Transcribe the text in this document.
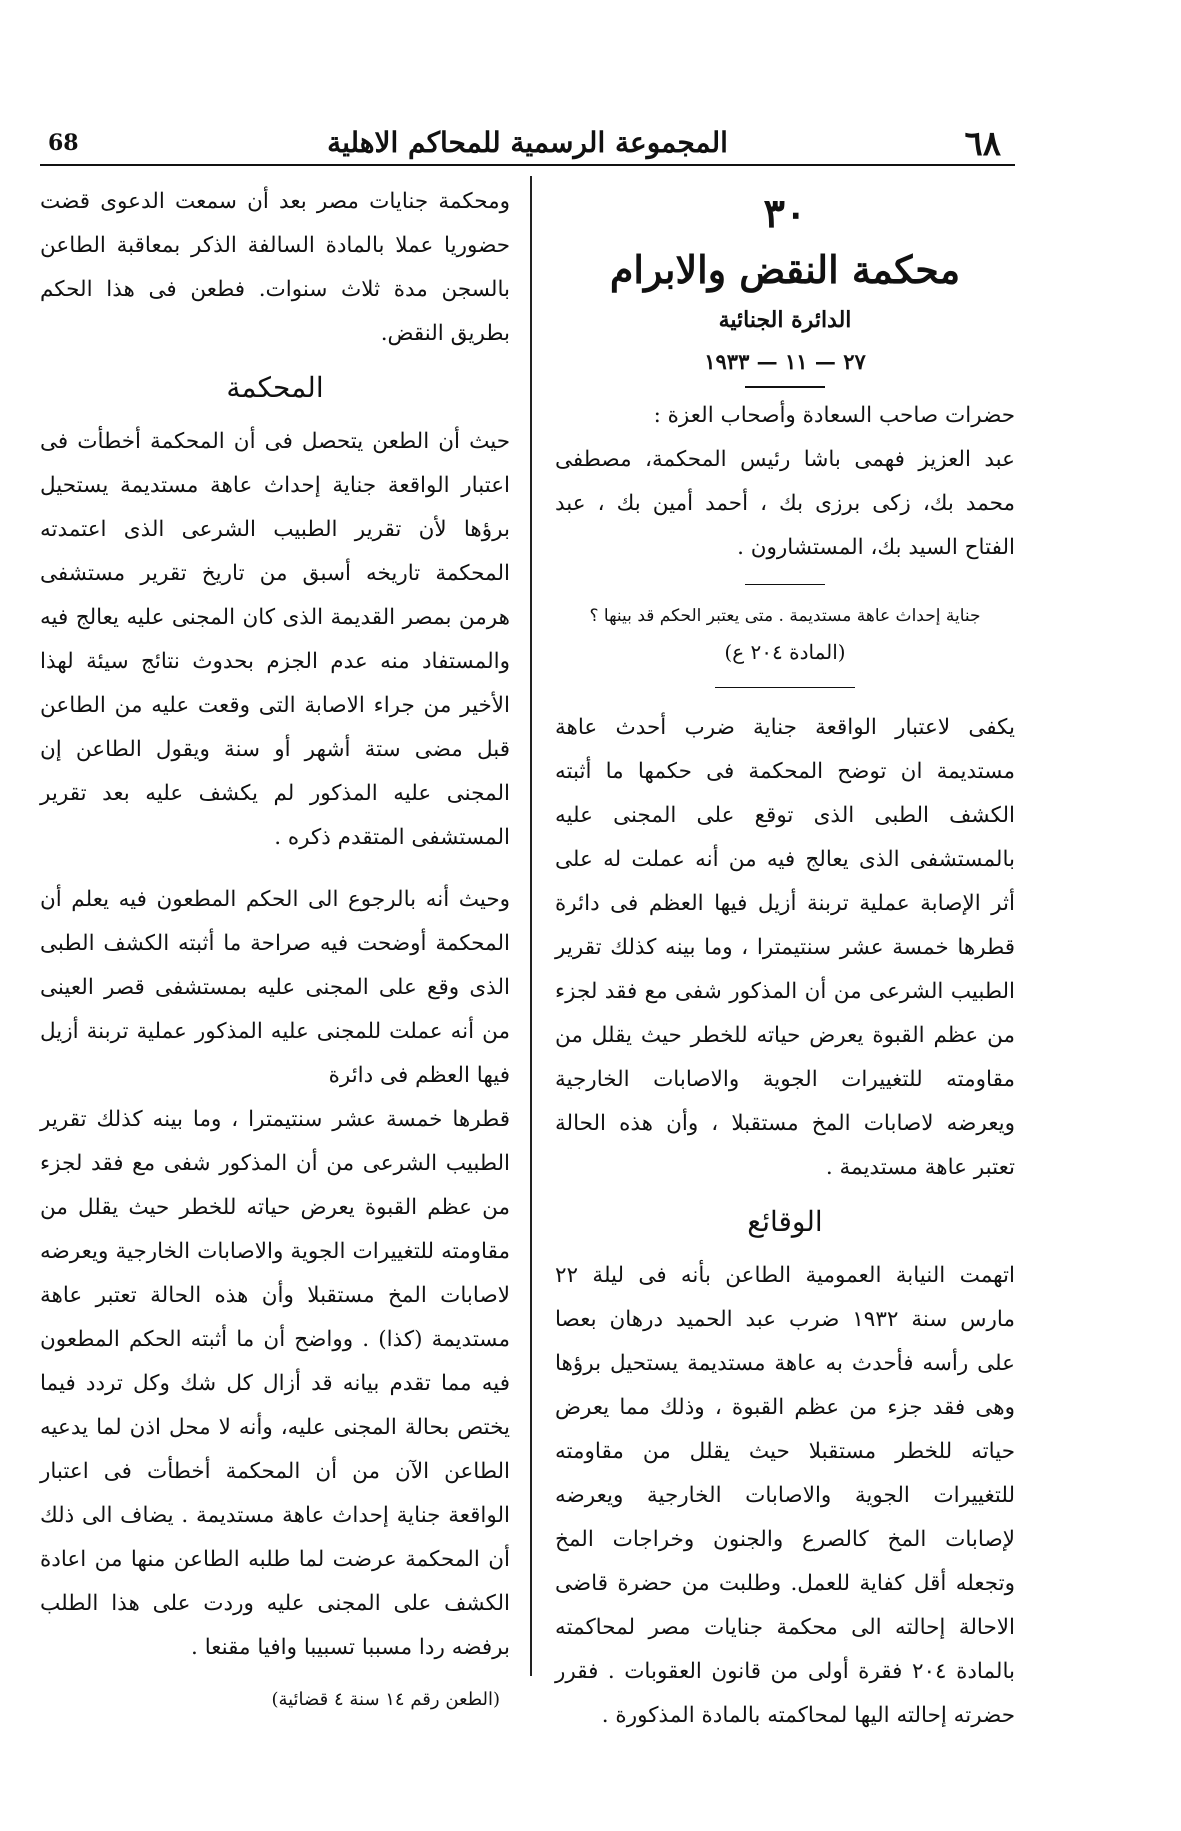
٦٨
المجموعة الرسمية للمحاكم الاهلية
68
٣٠
محكمة النقض والابرام
الدائرة الجنائية
٢٧ — ١١ — ١٩٣٣

حضرات صاحب السعادة وأصحاب العزة :

عبد العزيز فهمى باشا رئيس المحكمة، مصطفى محمد بك، زكى برزى بك ، أحمد أمين بك ، عبد الفتاح السيد بك، المستشارون .

جناية إحداث عاهة مستديمة . متى يعتبر الحكم قد بينها ؟
(المادة ٢٠٤ ع)

يكفى لاعتبار الواقعة جناية ضرب أحدث عاهة مستديمة ان توضح المحكمة فى حكمها ما أثبته الكشف الطبى الذى توقع على المجنى عليه بالمستشفى الذى يعالج فيه من أنه عملت له على أثر الإصابة عملية تربنة أزيل فيها العظم فى دائرة قطرها خمسة عشر سنتيمترا ، وما بينه كذلك تقرير الطبيب الشرعى من أن المذكور شفى مع فقد لجزء من عظم القبوة يعرض حياته للخطر حيث يقلل من مقاومته للتغييرات الجوية والاصابات الخارجية ويعرضه لاصابات المخ مستقبلا ، وأن هذه الحالة تعتبر عاهة مستديمة .

الوقائع

اتهمت النيابة العمومية الطاعن بأنه فى ليلة ٢٢ مارس سنة ١٩٣٢ ضرب عبد الحميد درهان بعصا على رأسه فأحدث به عاهة مستديمة يستحيل برؤها وهى فقد جزء من عظم القبوة ، وذلك مما يعرض حياته للخطر مستقبلا حيث يقلل من مقاومته للتغييرات الجوية والاصابات الخارجية ويعرضه لإصابات المخ كالصرع والجنون وخراجات المخ وتجعله أقل كفاية للعمل. وطلبت من حضرة قاضى الاحالة إحالته الى محكمة جنايات مصر لمحاكمته بالمادة ٢٠٤ فقرة أولى من قانون العقوبات . فقرر حضرته إحالته اليها لمحاكمته بالمادة المذكورة .

ومحكمة جنايات مصر بعد أن سمعت الدعوى قضت حضوريا عملا بالمادة السالفة الذكر بمعاقبة الطاعن بالسجن مدة ثلاث سنوات. فطعن فى هذا الحكم بطريق النقض.

المحكمة

حيث أن الطعن يتحصل فى أن المحكمة أخطأت فى اعتبار الواقعة جناية إحداث عاهة مستديمة يستحيل برؤها لأن تقرير الطبيب الشرعى الذى اعتمدته المحكمة تاريخه أسبق من تاريخ تقرير مستشفى هرمن بمصر القديمة الذى كان المجنى عليه يعالج فيه والمستفاد منه عدم الجزم بحدوث نتائج سيئة لهذا الأخير من جراء الاصابة التى وقعت عليه من الطاعن قبل مضى ستة أشهر أو سنة ويقول الطاعن إن المجنى عليه المذكور لم يكشف عليه بعد تقرير المستشفى المتقدم ذكره .

وحيث أنه بالرجوع الى الحكم المطعون فيه يعلم أن المحكمة أوضحت فيه صراحة ما أثبته الكشف الطبى الذى وقع على المجنى عليه بمستشفى قصر العينى من أنه عملت للمجنى عليه المذكور عملية تربنة أزيل فيها العظم فى دائرة

قطرها خمسة عشر سنتيمترا ، وما بينه كذلك تقرير الطبيب الشرعى من أن المذكور شفى مع فقد لجزء من عظم القبوة يعرض حياته للخطر حيث يقلل من مقاومته للتغييرات الجوية والاصابات الخارجية ويعرضه لاصابات المخ مستقبلا وأن هذه الحالة تعتبر عاهة مستديمة (كذا) . وواضح أن ما أثبته الحكم المطعون فيه مما تقدم بيانه قد أزال كل شك وكل تردد فيما يختص بحالة المجنى عليه، وأنه لا محل اذن لما يدعيه الطاعن الآن من أن المحكمة أخطأت فى اعتبار الواقعة جناية إحداث عاهة مستديمة . يضاف الى ذلك أن المحكمة عرضت لما طلبه الطاعن منها من اعادة الكشف على المجنى عليه وردت على هذا الطلب برفضه ردا مسببا تسبيبا وافيا مقنعا .

(الطعن رقم ١٤ سنة ٤ قضائية)
